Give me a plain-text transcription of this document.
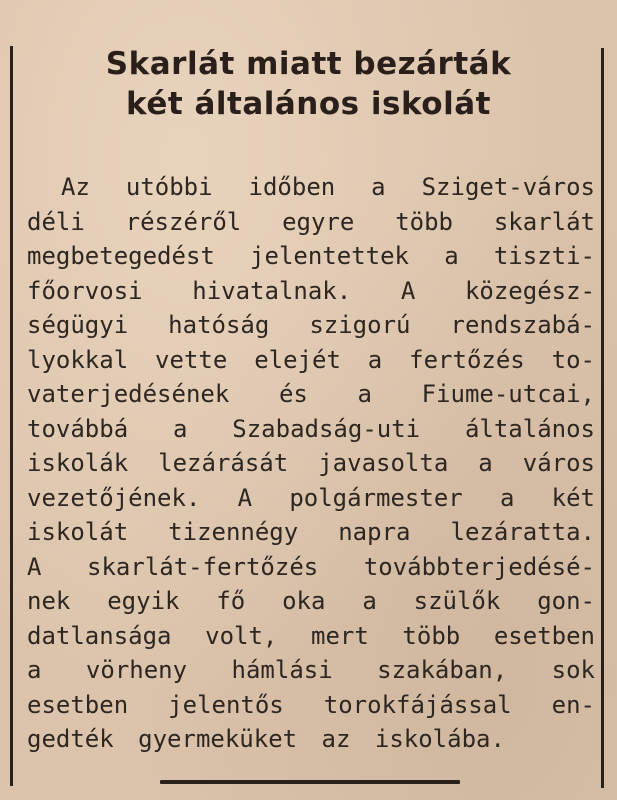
Skarlát miatt bezárták
két általános iskolát
Az utóbbi időben a Sziget-város
déli részéről egyre több skarlát
megbetegedést jelentettek a tiszti-
főorvosi hivatalnak. A közegész-
ségügyi hatóság szigorú rendszabá-
lyokkal vette elejét a fertőzés to-
vaterjedésének és a Fiume-utcai,
továbbá a Szabadság-uti általános
iskolák lezárását javasolta a város
vezetőjének. A polgármester a két
iskolát tizennégy napra lezáratta.
A skarlát-fertőzés továbbterjedésé-
nek egyik fő oka a szülők gon-
datlansága volt, mert több esetben
a vörheny hámlási szakában, sok
esetben jelentős torokfájással en-
gedték gyermeküket az iskolába.
